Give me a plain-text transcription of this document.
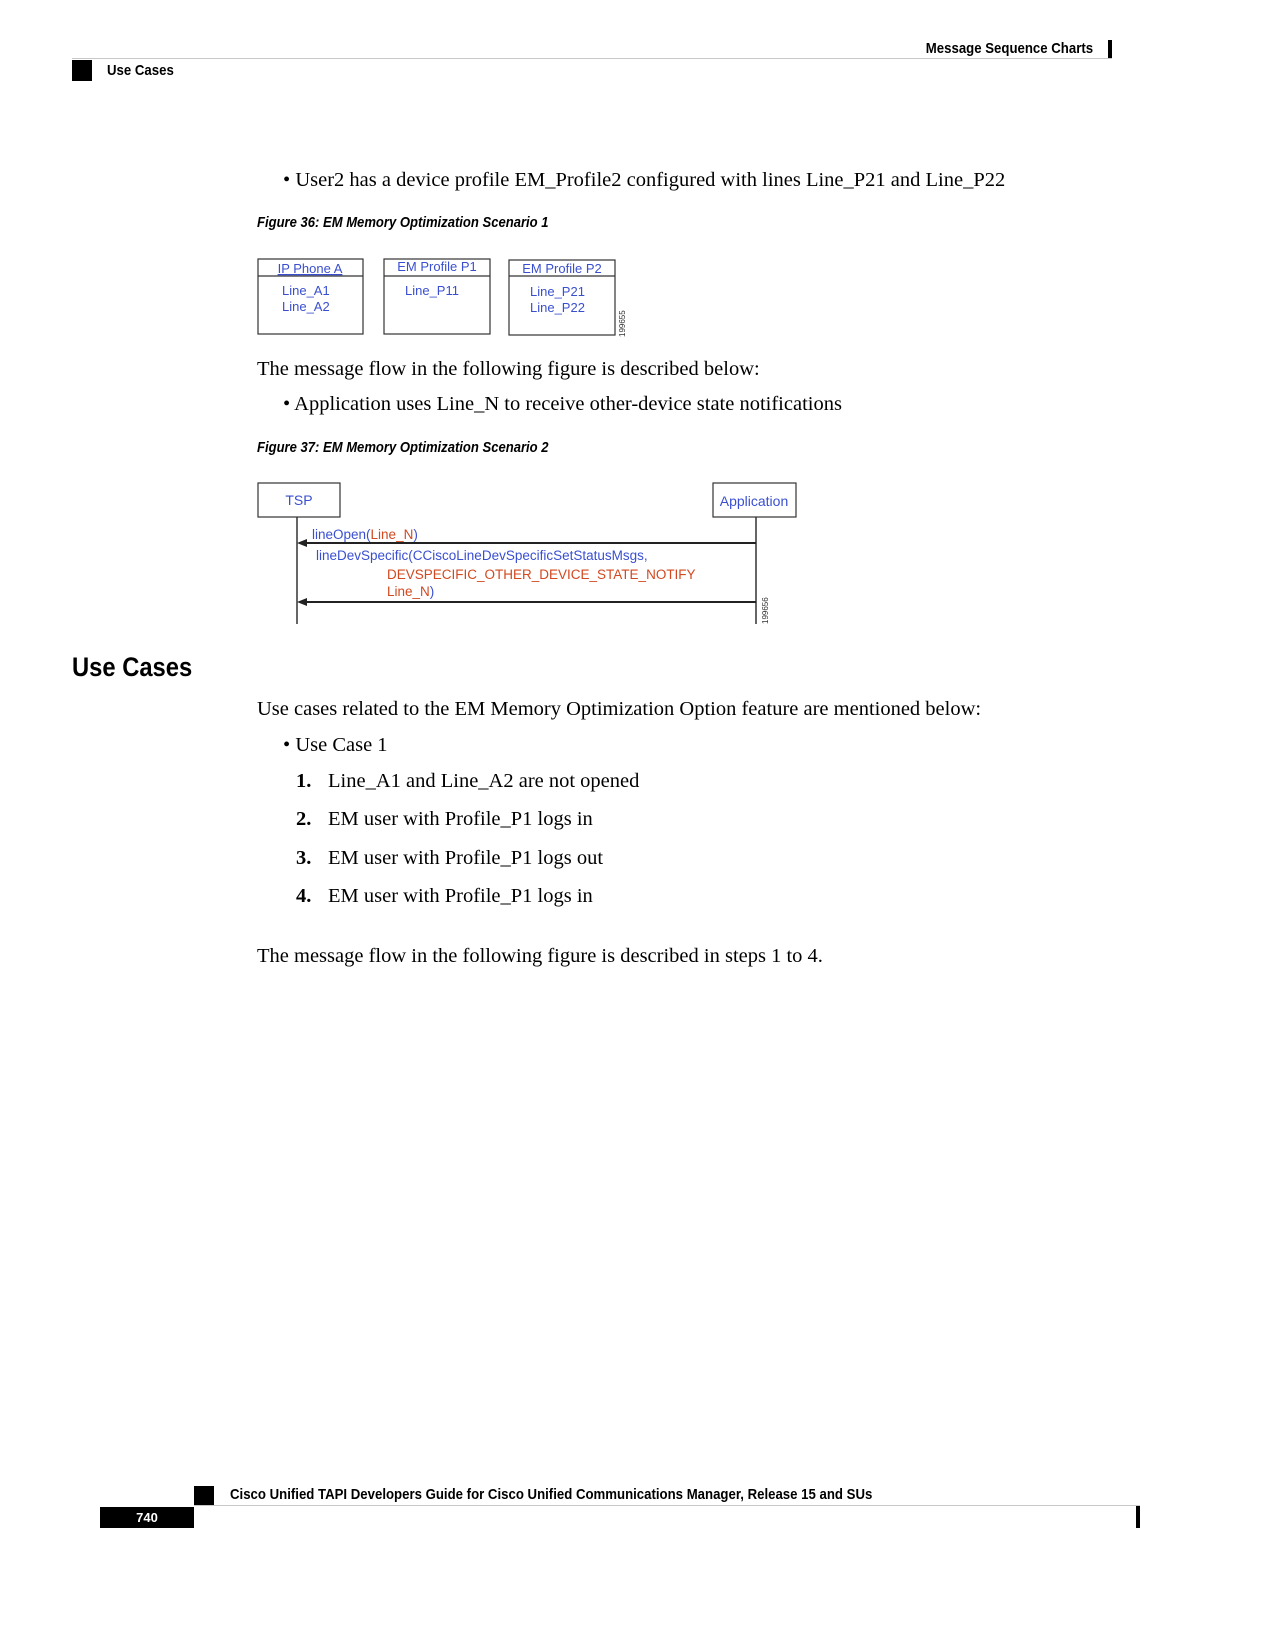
Message Sequence Charts
Use Cases
• User2 has a device profile EM_Profile2 configured with lines Line_P21 and Line_P22
Figure 36: EM Memory Optimization Scenario 1
IP Phone A
Line_A1
Line_A2
EM Profile P1
Line_P11
EM Profile P2
Line_P21
Line_P22
199655
The message flow in the following figure is described below:
• Application uses Line_N to receive other-device state notifications
Figure 37: EM Memory Optimization Scenario 2
TSP	Application
lineOpen(Line_N)
lineDevSpecific(CCiscoLineDevSpecificSetStatusMsgs,
DEVSPECIFIC_OTHER_DEVICE_STATE_NOTIFY
Line_N)
199656
Use Cases
Use cases related to the EM Memory Optimization Option feature are mentioned below:
• Use Case 1
1. Line_A1 and Line_A2 are not opened
2. EM user with Profile_P1 logs in
3. EM user with Profile_P1 logs out
4. EM user with Profile_P1 logs in
The message flow in the following figure is described in steps 1 to 4.
Cisco Unified TAPI Developers Guide for Cisco Unified Communications Manager, Release 15 and SUs
740
